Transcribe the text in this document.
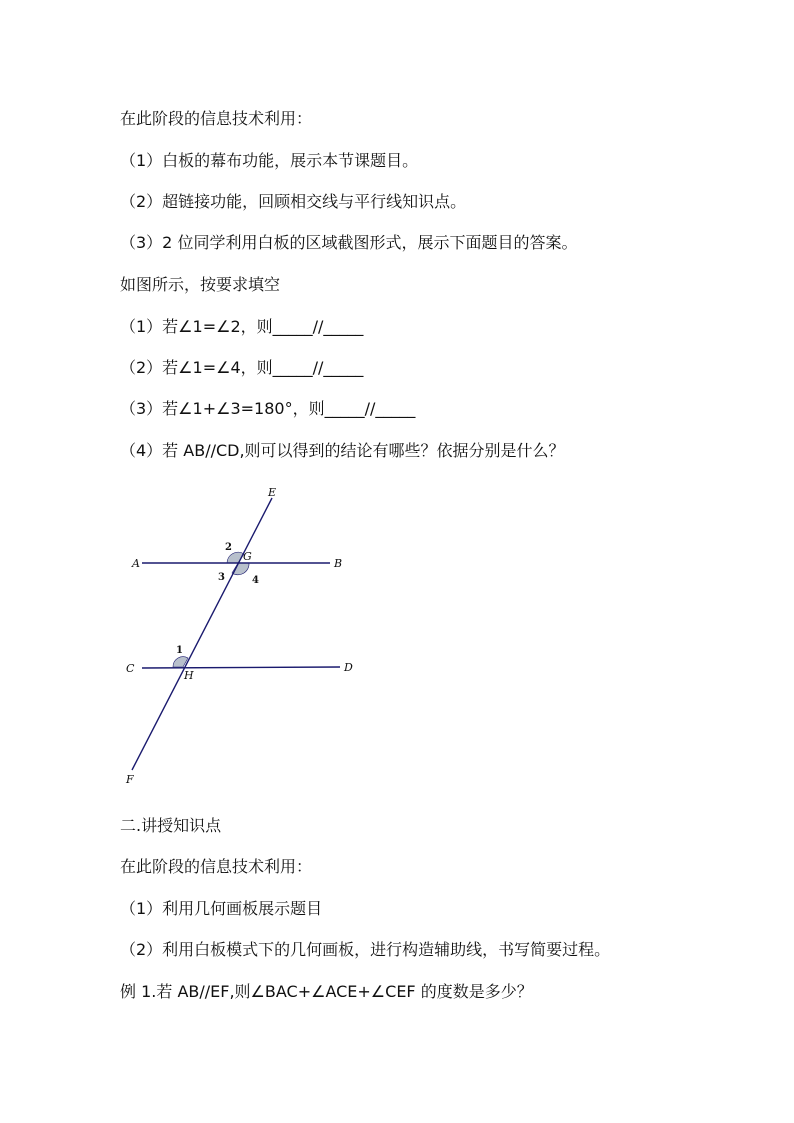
在此阶段的信息技术利用：
（1）白板的幕布功能，展示本节课题目。
（2）超链接功能，回顾相交线与平行线知识点。
（3）2 位同学利用白板的区域截图形式，展示下面题目的答案。
如图所示，按要求填空
（1）若∠1=∠2，则_____//_____
（2）若∠1=∠4，则_____//_____
（3）若∠1+∠3=180°，则_____//_____
（4）若 AB//CD,则可以得到的结论有哪些？依据分别是什么？
E
A	B
G
C	D
H
F
2
3	4
1
二.讲授知识点
在此阶段的信息技术利用：
（1）利用几何画板展示题目
（2）利用白板模式下的几何画板，进行构造辅助线，书写简要过程。
例 1.若 AB//EF,则∠BAC+∠ACE+∠CEF 的度数是多少？
